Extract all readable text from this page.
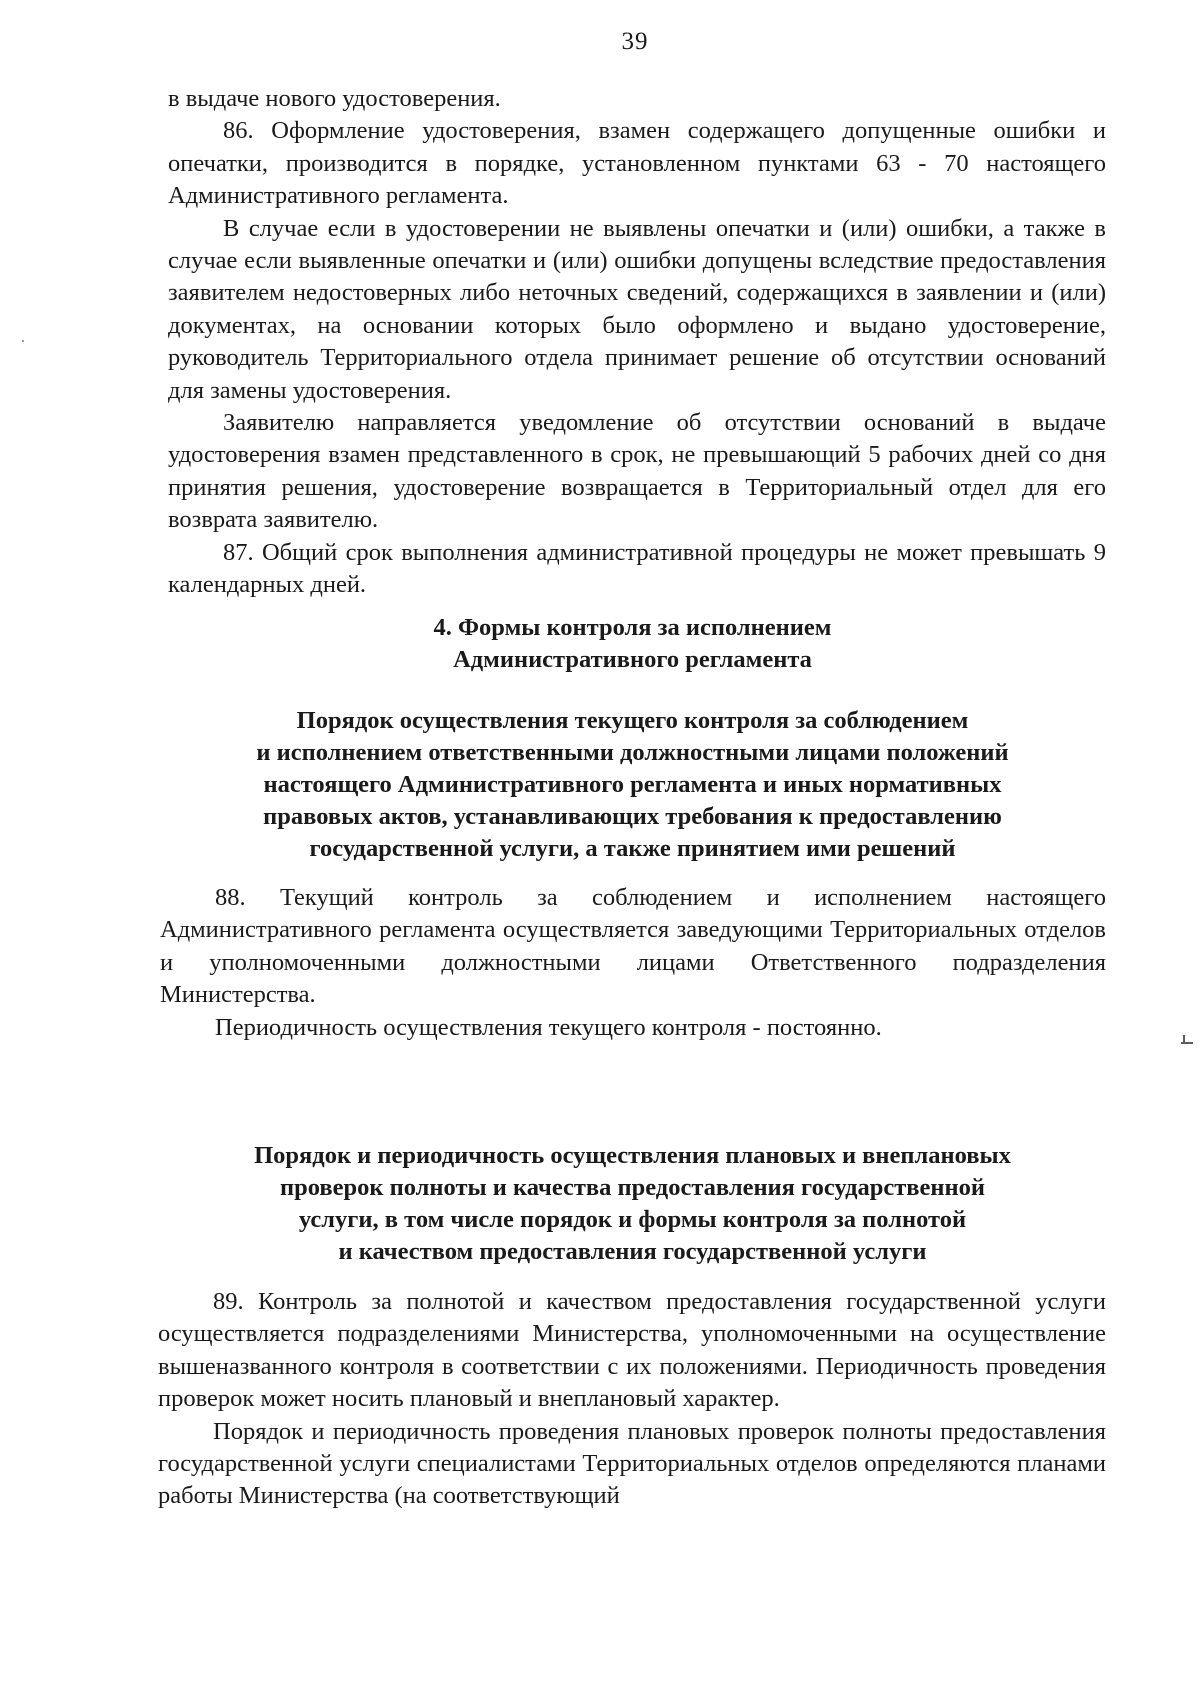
39

в выдаче нового удостоверения.

86. Оформление удостоверения, взамен содержащего допущенные ошибки и опечатки, производится в порядке, установленном пунктами 63 - 70 настоящего Административного регламента.

В случае если в удостоверении не выявлены опечатки и (или) ошибки, а также в случае если выявленные опечатки и (или) ошибки допущены вследствие предоставления заявителем недостоверных либо неточных сведений, содержащихся в заявлении и (или) документах, на основании которых было оформлено и выдано удостоверение, руководитель Территориального отдела принимает решение об отсутствии оснований для замены удостоверения.

Заявителю направляется уведомление об отсутствии оснований в выдаче удостоверения взамен представленного в срок, не превышающий 5 рабочих дней со дня принятия решения, удостоверение возвращается в Территориальный отдел для его возврата заявителю.

87. Общий срок выполнения административной процедуры не может превышать 9 календарных дней.

4. Формы контроля за исполнением

Административного регламента

Порядок осуществления текущего контроля за соблюдением

и исполнением ответственными должностными лицами положений

настоящего Административного регламента и иных нормативных

правовых актов, устанавливающих требования к предоставлению

государственной услуги, а также принятием ими решений

88. Текущий контроль за соблюдением и исполнением настоящего Административного регламента осуществляется заведующими Территориальных отделов и уполномоченными должностными лицами Ответственного подразделения Министерства.

Периодичность осуществления текущего контроля - постоянно.

Порядок и периодичность осуществления плановых и внеплановых

проверок полноты и качества предоставления государственной

услуги, в том числе порядок и формы контроля за полнотой

и качеством предоставления государственной услуги

89. Контроль за полнотой и качеством предоставления государственной услуги осуществляется подразделениями Министерства, уполномоченными на осуществление вышеназванного контроля в соответствии с их положениями. Периодичность проведения проверок может носить плановый и внеплановый характер.

Порядок и периодичность проведения плановых проверок полноты предоставления государственной услуги специалистами Территориальных отделов определяются планами работы Министерства (на соответствующий
